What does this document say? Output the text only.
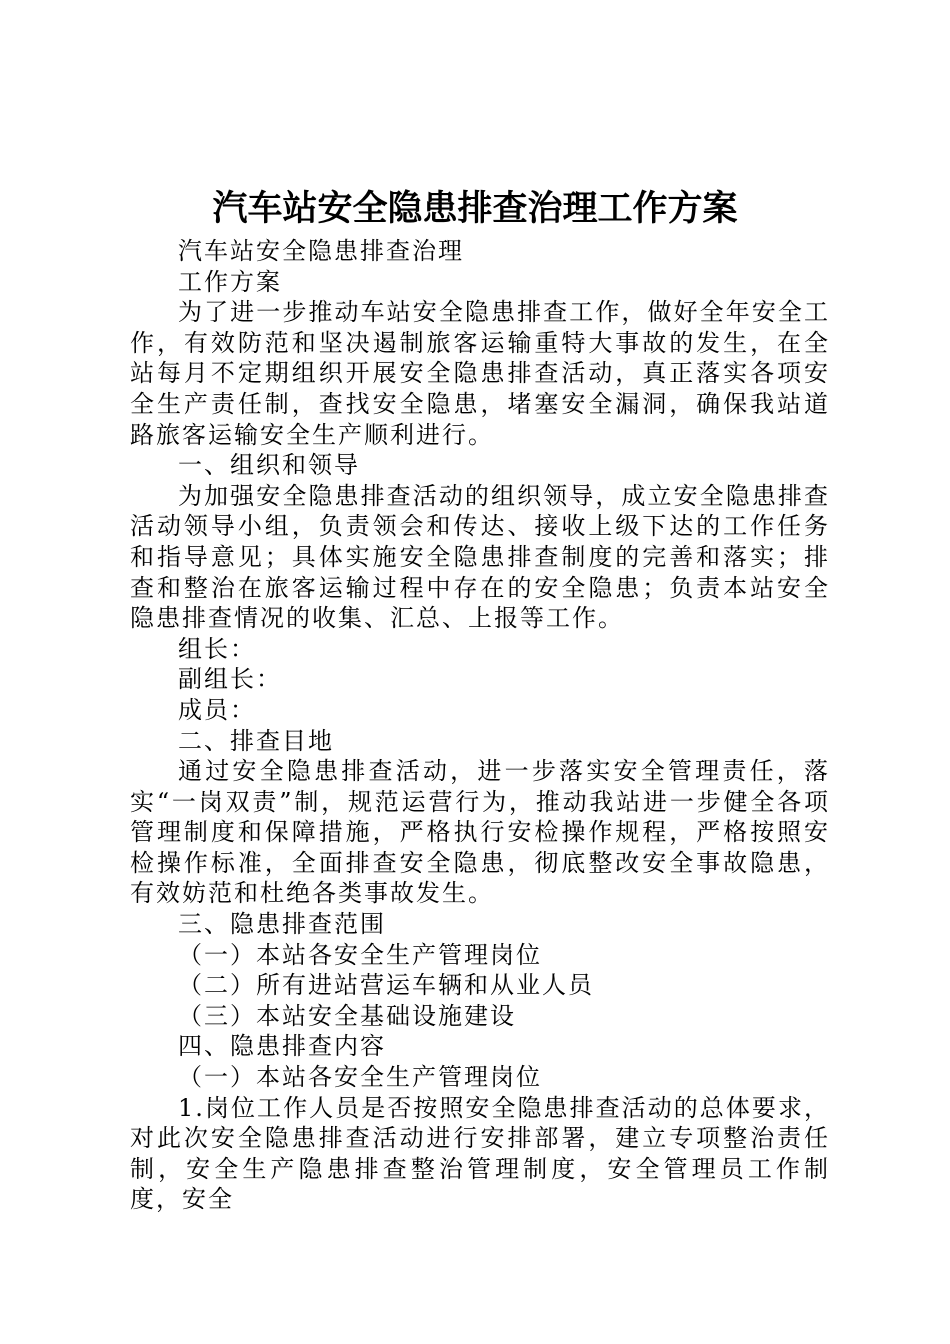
汽车站安全隐患排查治理工作方案

汽车站安全隐患排查治理

工作方案

为了进一步推动车站安全隐患排查工作，做好全年安全工作，有效防范和坚决遏制旅客运输重特大事故的发生，在全站每月不定期组织开展安全隐患排查活动，真正落实各项安全生产责任制，查找安全隐患，堵塞安全漏洞，确保我站道路旅客运输安全生产顺利进行。

一、组织和领导

为加强安全隐患排查活动的组织领导，成立安全隐患排查活动领导小组，负责领会和传达、接收上级下达的工作任务和指导意见；具体实施安全隐患排查制度的完善和落实；排查和整治在旅客运输过程中存在的安全隐患；负责本站安全隐患排查情况的收集、汇总、上报等工作。

组长：

副组长：

成员：

二、排查目地

通过安全隐患排查活动，进一步落实安全管理责任，落实“一岗双责”制，规范运营行为，推动我站进一步健全各项管理制度和保障措施，严格执行安检操作规程，严格按照安检操作标准，全面排查安全隐患，彻底整改安全事故隐患，有效妨范和杜绝各类事故发生。

三、隐患排查范围

（一）本站各安全生产管理岗位

（二）所有进站营运车辆和从业人员

（三）本站安全基础设施建设

四、隐患排查内容

（一）本站各安全生产管理岗位

1.岗位工作人员是否按照安全隐患排查活动的总体要求，对此次安全隐患排查活动进行安排部署，建立专项整治责任制，安全生产隐患排查整治管理制度，安全管理员工作制度，安全
